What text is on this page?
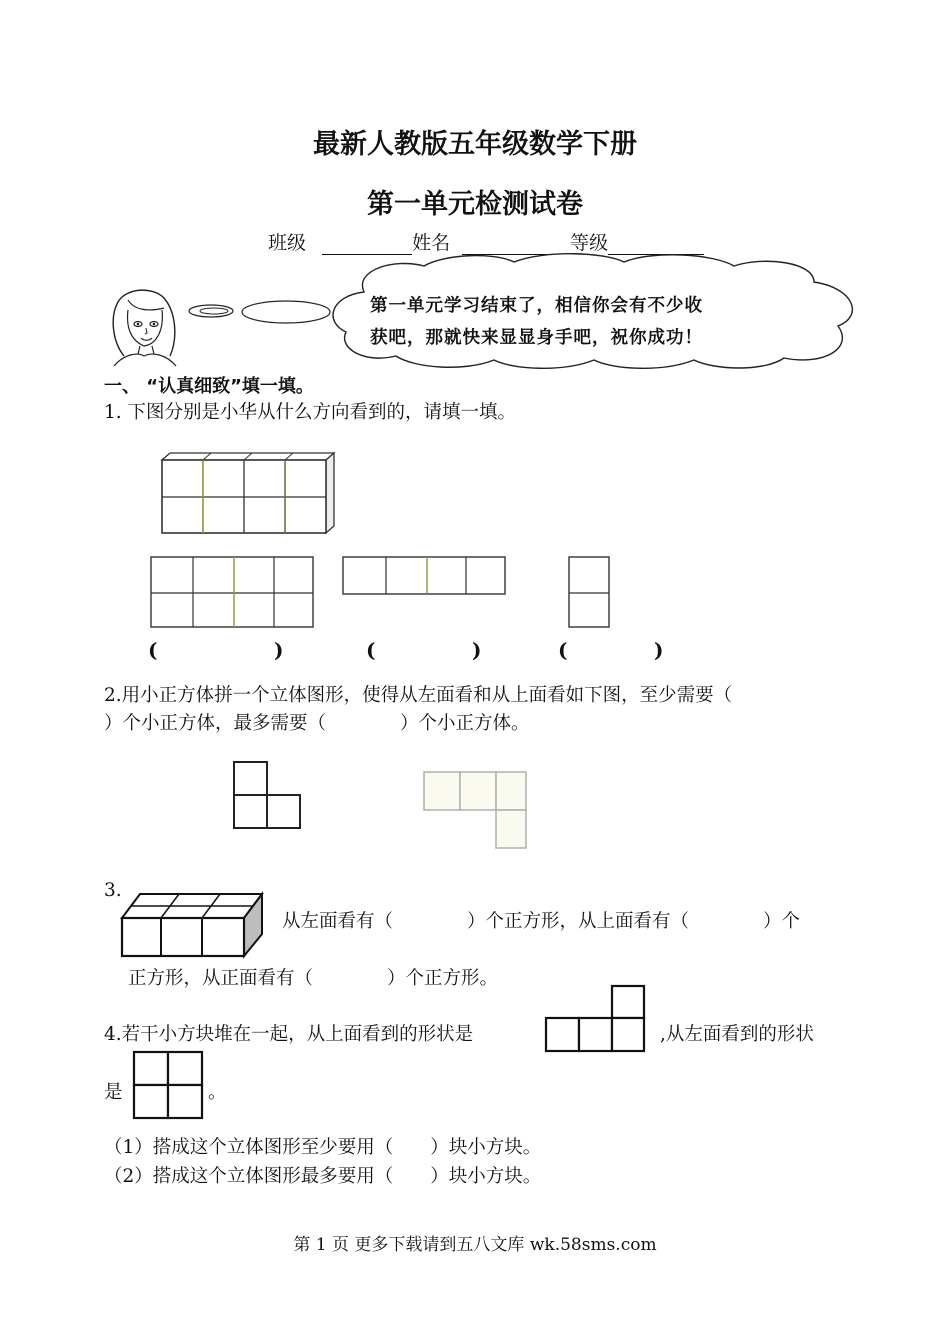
最新人教版五年级数学下册
第一单元检测试卷
班级	姓名	等级
第一单元学习结束了，相信你会有不少收
获吧，那就快来显显身手吧，祝你成功！
一、 “认真细致”填一填。
1. 下图分别是小华从什么方向看到的，请填一填。
(	)	(	)	(	)
2.用小正方体拼一个立体图形，使得从左面看和从上面看如下图，至少需要（
）个小正方体，最多需要（　　　　）个小正方体。
3.
从左面看有（　　　　）个正方形，从上面看有（　　　　）个
正方形，从正面看有（　　　　）个正方形。
4.若干小方块堆在一起，从上面看到的形状是	,从左面看到的形状
是	。
（1）搭成这个立体图形至少要用（　　）块小方块。
（2）搭成这个立体图形最多要用（　　）块小方块。
第 1 页 更多下载请到五八文库 wk.58sms.com
